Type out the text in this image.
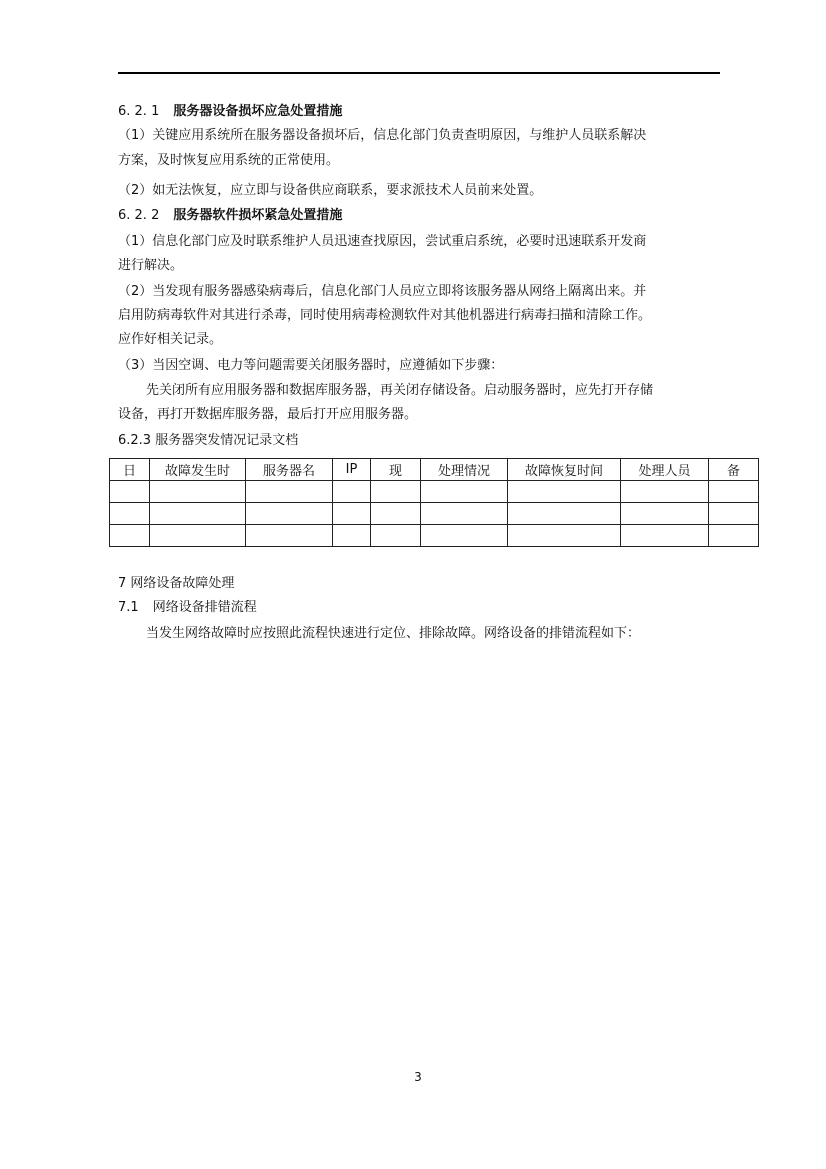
6. 2. 1 服务器设备损坏应急处置措施
（1）关键应用系统所在服务器设备损坏后，信息化部门负责查明原因，与维护人员联系解决
方案，及时恢复应用系统的正常使用。
（2）如无法恢复，应立即与设备供应商联系，要求派技术人员前来处置。
6. 2. 2 服务器软件损坏紧急处置措施
（1）信息化部门应及时联系维护人员迅速查找原因，尝试重启系统，必要时迅速联系开发商
进行解决。
（2）当发现有服务器感染病毒后，信息化部门人员应立即将该服务器从网络上隔离出来。并
启用防病毒软件对其进行杀毒，同时使用病毒检测软件对其他机器进行病毒扫描和清除工作。
应作好相关记录。
（3）当因空调、电力等问题需要关闭服务器时，应遵循如下步骤：
先关闭所有应用服务器和数据库服务器，再关闭存储设备。启动服务器时，应先打开存储
设备，再打开数据库服务器，最后打开应用服务器。
6.2.3 服务器突发情况记录文档
日	故障发生时	服务器名	IP	现	处理情况	故障恢复时间	处理人员	备

7 网络设备故障处理
7.1 网络设备排错流程
当发生网络故障时应按照此流程快速进行定位、排除故障。网络设备的排错流程如下：
3
